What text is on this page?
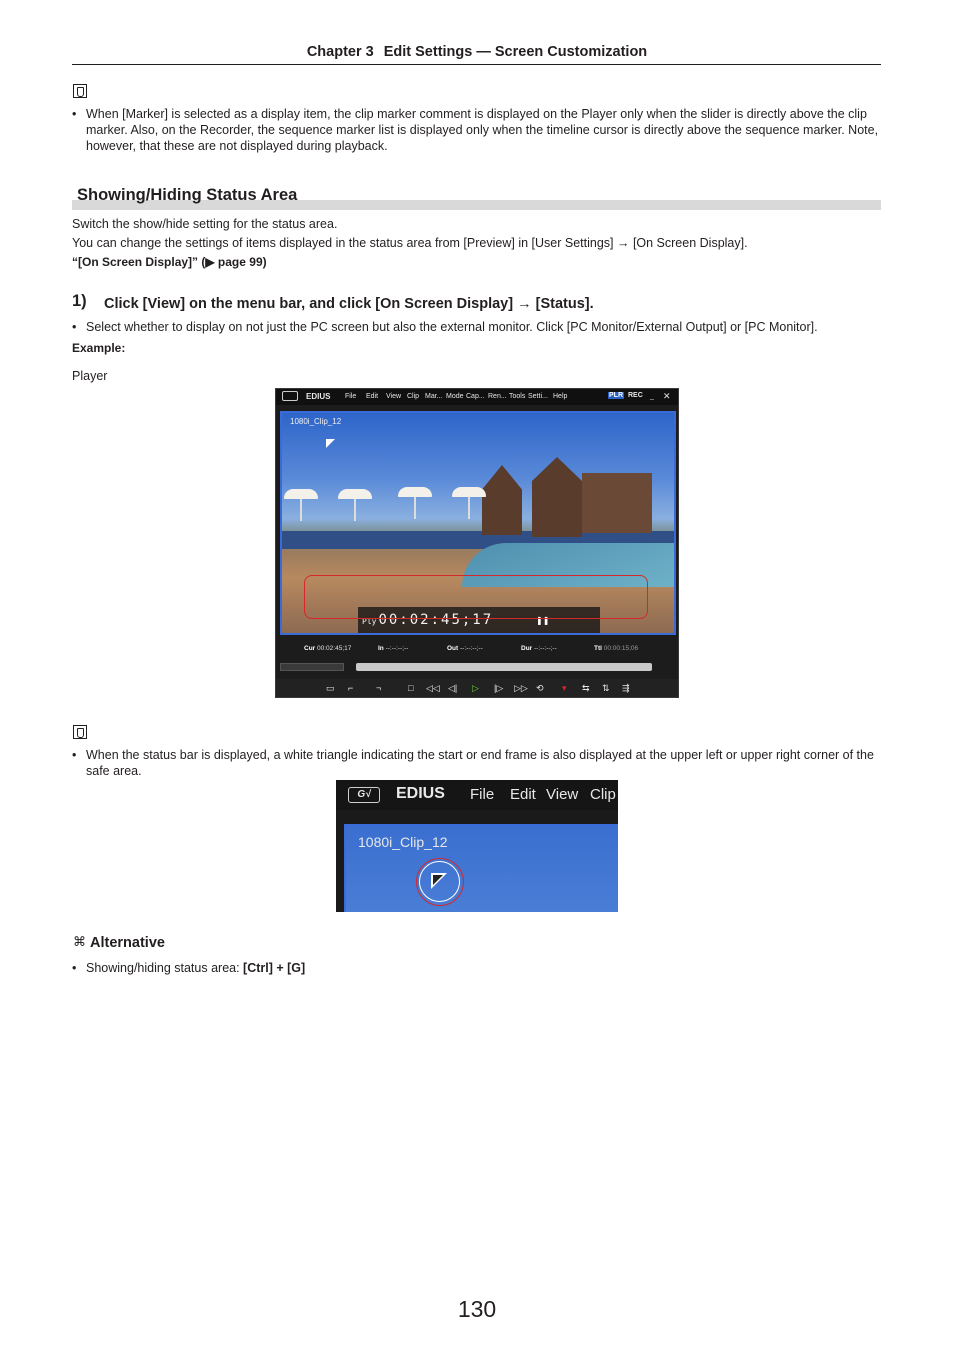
Chapter 3 Edit Settings — Screen Customization
• When [Marker] is selected as a display item, the clip marker comment is displayed on the Player only when the slider is directly above the clip marker. Also, on the Recorder, the sequence marker list is displayed only when the timeline cursor is directly above the sequence marker. Note, however, that these are not displayed during playback.
Showing/Hiding Status Area
Switch the show/hide setting for the status area.
You can change the settings of items displayed in the status area from [Preview] in [User Settings] → [On Screen Display].
“[On Screen Display]” (▶ page 99)
1) Click [View] on the menu bar, and click [On Screen Display] → [Status].
• Select whether to display on not just the PC screen but also the external monitor. Click [PC Monitor/External Output] or [PC Monitor].
Example:
Player
EDIUS File Edit View Clip Mar... Mode Cap... Ren... Tools Setti... Help	PLR REC _ ✕
1080i_Clip_12
Ply 00:02:45;17	❚❚
Cur 00:02:45;17	In --:--:--;--	Out --:--:--;--	Dur --:--:--;--	Ttl 00:00:15;06
▭ ⌐	¬	□ ◁◁ ◁| ▷ |▷ ▷▷ ⟲ ▾ ⇆ ⇅ ⇶
• When the status bar is displayed, a white triangle indicating the start or end frame is also displayed at the upper left or upper right corner of the safe area.
G√	EDIUS File Edit View Clip
1080i_Clip_12
⌘ Alternative
• Showing/hiding status area: [Ctrl] + [G]
130
